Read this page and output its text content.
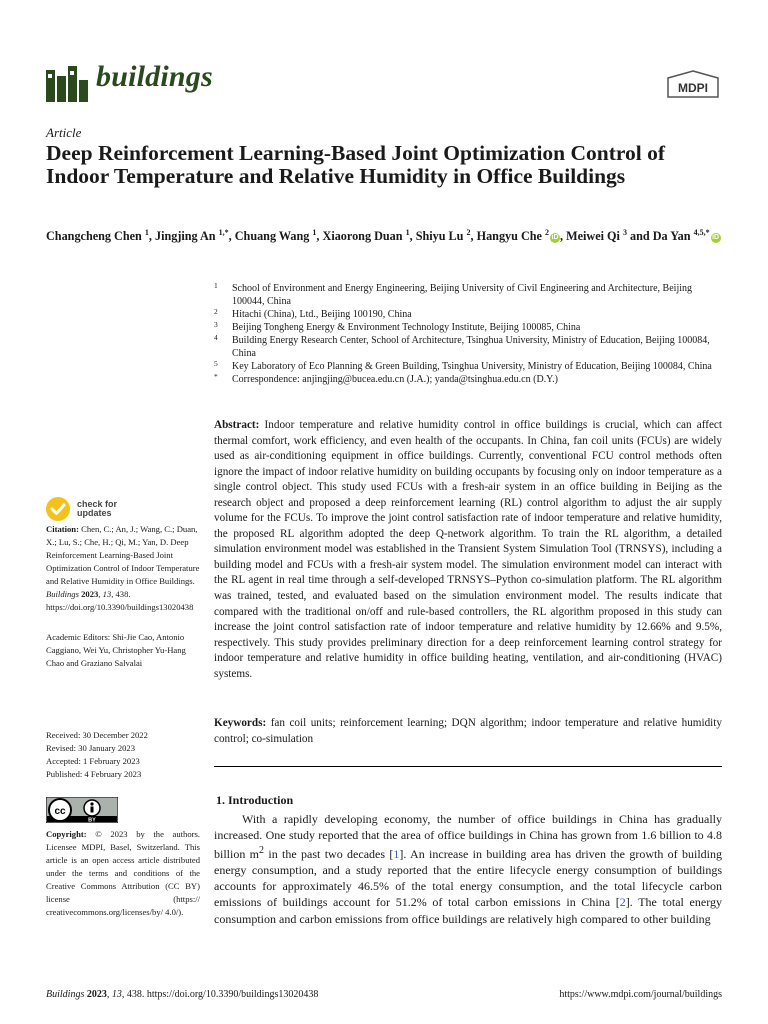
buildings	MDPI
Article
Deep Reinforcement Learning-Based Joint Optimization Control of Indoor Temperature and Relative Humidity in Office Buildings
Changcheng Chen $^1$, Jingjing An $^{1,*}$, Chuang Wang $^1$, Xiaorong Duan $^1$, Shiyu Lu $^2$, Hangyu Che $^2$iD , Meiwei Qi $^3$ and Da Yan $^{4,5,*}$iD
1 School of Environment and Energy Engineering, Beijing University of Civil Engineering and Architecture, Beijing 100044, China
2 Hitachi (China), Ltd., Beijing 100190, China
3 Beijing Tongheng Energy & Environment Technology Institute, Beijing 100085, China
4 Building Energy Research Center, School of Architecture, Tsinghua University, Ministry of Education, Beijing 100084, China
5 Key Laboratory of Eco Planning & Green Building, Tsinghua University, Ministry of Education, Beijing 100084, China
* Correspondence: anjingjing@bucea.edu.cn (J.A.); yanda@tsinghua.edu.cn (D.Y.)
Abstract: Indoor temperature and relative humidity control in office buildings is crucial, which can affect thermal comfort, work efficiency, and even health of the occupants. In China, fan coil units (FCUs) are widely used as air-conditioning equipment in office buildings. Currently, conventional FCU control methods often ignore the impact of indoor relative humidity on building occupants by focusing only on indoor temperature as a single control object. This study used FCUs with a fresh-air system in an office building in Beijing as the research object and proposed a deep reinforcement learning (RL) control algorithm to adjust the air supply volume for the FCUs. To improve the joint control satisfaction rate of indoor temperature and relative humidity, the proposed RL algorithm adopted the deep Q-network algorithm. To train the RL algorithm, a detailed simulation environment model was established in the Transient System Simulation Tool (TRNSYS), including a building model and FCUs with a fresh-air system model. The simulation environment model can interact with the RL agent in real time through a self-developed TRNSYS–Python co-simulation platform. The RL algorithm was trained, tested, and evaluated based on the simulation environment model. The results indicate that compared with the traditional on/off and rule-based controllers, the RL algorithm proposed in this study can increase the joint control satisfaction rate of indoor temperature and relative humidity by 12.66% and 9.5%, respectively. This study provides preliminary direction for a deep reinforcement learning control strategy for indoor temperature and relative humidity in office building heating, ventilation, and air-conditioning (HVAC) systems.
Keywords: fan coil units; reinforcement learning; DQN algorithm; indoor temperature and relative humidity control; co-simulation
1. Introduction
With a rapidly developing economy, the number of office buildings in China has gradually increased. One study reported that the area of office buildings in China has grown from 1.6 billion to 4.8 billion $m^2$ in the past two decades [1]. An increase in building area has driven the growth of building energy consumption, and a study reported that the entire lifecycle energy consumption of buildings accounts for approximately 46.5% of the total energy consumption, and the total lifecycle carbon emissions of buildings account for 51.2% of total carbon emissions in China [2]. The total energy consumption and carbon emissions from office buildings are relatively high compared to other building
check for
updates
Citation: Chen, C.; An, J.; Wang, C.; Duan, X.; Lu, S.; Che, H.; Qi, M.; Yan, D. Deep Reinforcement Learning-Based Joint Optimization Control of Indoor Temperature and Relative Humidity in Office Buildings. Buildings 2023, 13, 438. https://doi.org/10.3390/buildings13020438
Academic Editors: Shi-Jie Cao, Antonio Caggiano, Wei Yu, Christopher Yu-Hang Chao and Graziano Salvalai
Received: 30 December 2022
Revised: 30 January 2023
Accepted: 1 February 2023
Published: 4 February 2023
cc
BY
Copyright: © 2023 by the authors. Licensee MDPI, Basel, Switzerland. This article is an open access article distributed under the terms and conditions of the Creative Commons Attribution (CC BY) license (https:// creativecommons.org/licenses/by/ 4.0/).
Buildings 2023, 13, 438. https://doi.org/10.3390/buildings13020438	https://www.mdpi.com/journal/buildings
